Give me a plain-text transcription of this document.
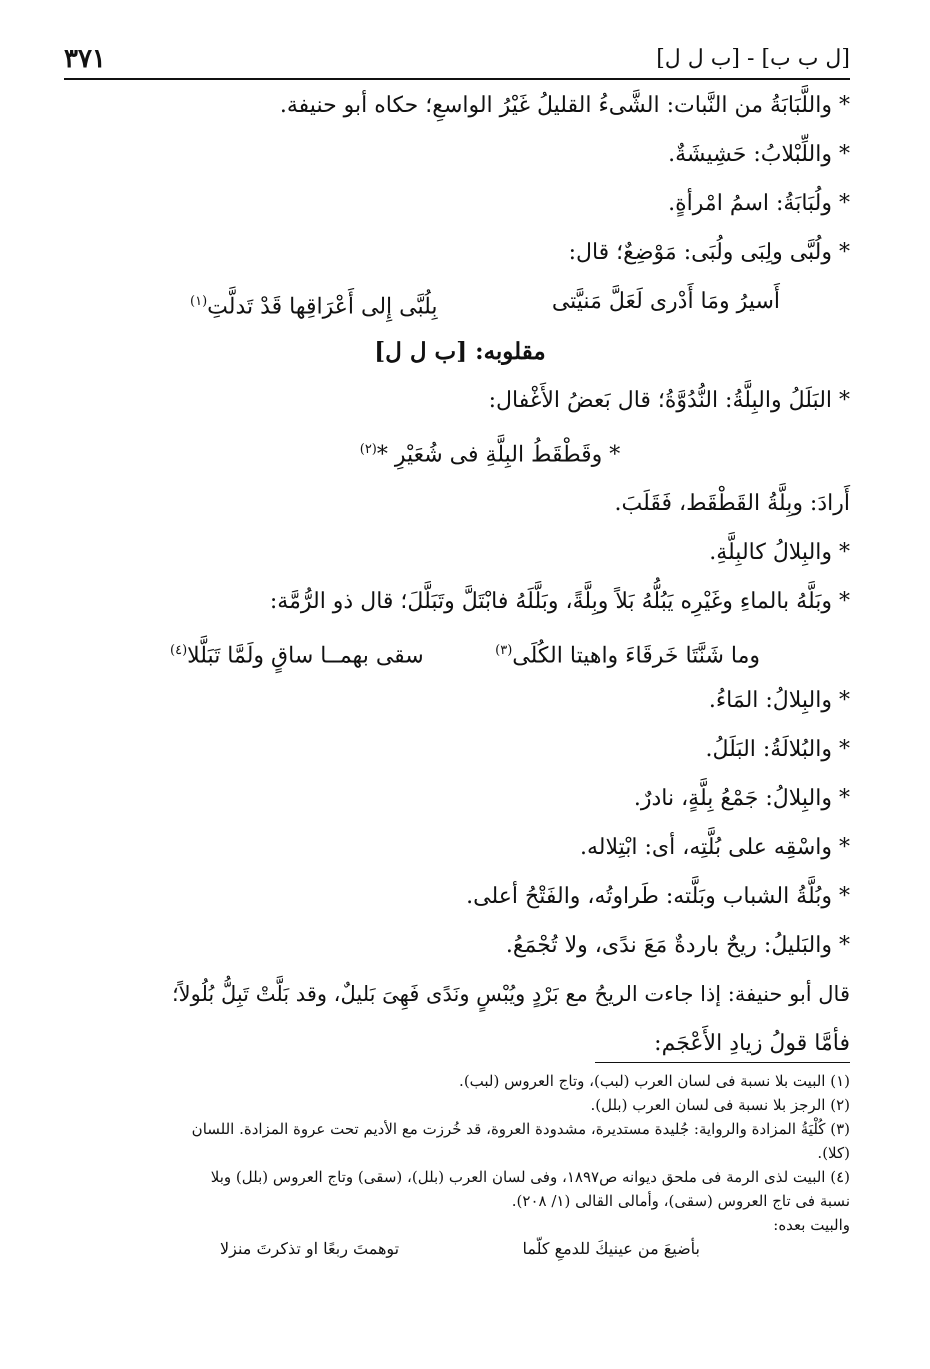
٣٧١	[ل ب ب] - [ب ل ل]
* واللَّبَابَةُ من النَّبات: الشَّىءُ القليلُ غَيْرُ الواسعِ؛ حكاه أبو حنيفة.
* واللِّبْلابُ: حَشِيشَةٌ.
* ولُبَابَةُ: اسمُ امْرأةٍ.
* ولُبَّى ولِبَى ولُبَى: مَوْضِعٌ؛ قال:
أَسيرُ ومَا أَدْرى لَعَلَّ مَنيَّتى
بِلُبَّى إِلى أَعْرَاقِها قَدْ تَدلَّتِ$^{(١)}$
مقلوبه: [ب ل ل]
* البَلَلُ والبِلَّةُ: النُّدُوَّةُ؛ قال بَعضُ الأَغْفال:
* وقَطْقَطُ البِلَّةِ فى شُعَيْرِ *$^{(٢)}$
أَرادَ: وبِلَّةُ القَطْقَط، فَقَلَبَ.
* والبِلالُ كالبِلَّةِ.
* وبَلَّهُ بالماءِ وغَيْرِه يَبُلُّهُ بَلاً وبِلَّةً، وبَلَّلَهُ فابْتَلَّ وتَبَلَّلَ؛ قال ذو الرُّمَّة:
وما شَنَّتَا خَرقَاءَ واهيتا الكُلَى$^{(٣)}$
سقى بهمــا ساقٍ ولَمَّا تَبَلَّلا$^{(٤)}$
* والبِلالُ: المَاءُ.
* والبُلالَةُ: البَلَلُ.
* والبِلالُ: جَمْعُ بِلَّةٍ، نادرٌ.
* واسْقِه على بُلَّتِه، أى: ابْتِلاله.
* وبُلَّةُ الشباب وبَلَّته: طَراوتُه، والفَتْحُ أعلى.
* والبَليلُ: ريحٌ باردةٌ مَعَ ندًى، ولا تُجْمَعُ.
قال أبو حنيفة: إذا جاءت الريحُ مع بَرْدٍ ويُبْسٍ ونَدًى فَهِىَ بَليلٌ، وقد بَلَّتْ تَبِلُّ بُلُولاً؛
فأمَّا قولُ زيادِ الأَعْجَم:
(١) البيت بلا نسبة فى لسان العرب (لبب)، وتاج العروس (لبب).
(٢) الرجز بلا نسبة فى لسان العرب (بلل).
(٣) كُلْيَةُ المزادة والرواية: جُليدة مستديرة، مشدودة العروة، قد خُرزت مع الأديم تحت عروة المزادة. اللسان
(كلا).
(٤) البيت لذى الرمة فى ملحق ديوانه ص١٨٩٧، وفى لسان العرب (بلل)، (سقى) وتاج العروس (بلل) وبلا
نسبة فى تاج العروس (سقى)، وأمالى القالى (١/ ٢٠٨).
والبيت بعده:
بأضيعَ من عينيكَ للدمعِ كلّما
توهمتَ ربعًا او تذكرتَ منزلا
